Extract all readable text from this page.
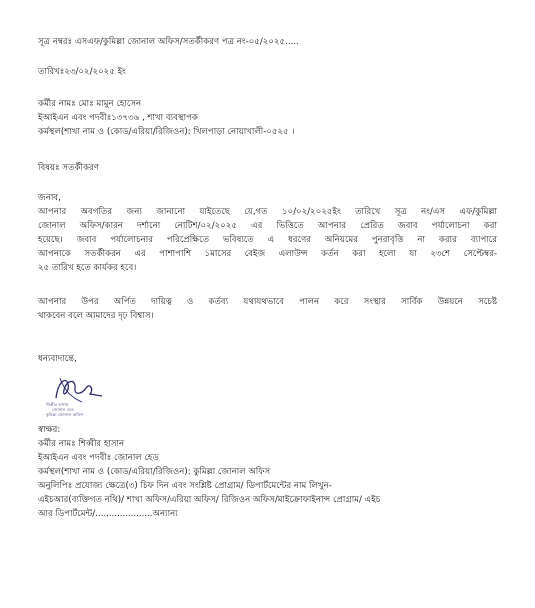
সূত্র নম্বরঃ এসএফ/কুমিল্লা জোনাল অফিস/সতর্কীকরণ পত্র নং-০৫/২০২৫.....
তারিখঃ২৩/০২/২০২৫ ইং
কর্মীর নামঃ মোঃ মামুন হোসেন
ইআইএন এবং পদবীঃ১৩৭৩৬ , শাখা ব্যবস্থাপক
কর্মস্থল(শাখা নাম ও (কোড/এরিয়া/রিজিওন): খিলপাড়া নোয়াখালী-০৫২৫ ।
বিষয়ঃ সতর্কীকরণ
জনাব,
আপনার অবগতির জন্য জানানো যাইতেছে যে,গত ১০/০২/২০২৫ইং তারিখে সূত্র নং/এস এফ/কুমিল্লা
জোনাল অফিস/কারন দর্শানো নোটিশ/০২/২০২৫ এর ভিত্তিতে আপনার প্রেরিত জবাব পর্যালোচনা করা
হয়েছে। জবাব পর্যালোচনার পরিপ্রেক্ষিতে ভবিষ্যতে এ ধরণের অনিয়মের পুনরাবৃত্তি না করার ব্যাপারে
আপনাকে সতর্কীকরন এর পাশাপাশি ১মাসের বেইজ এলাউন্স কর্তন করা হলো যা ২৩শে সেপ্টেম্বর-
২৫ তারিখ হতে কার্যকর হবে।
আপনার উপর অর্পিত দায়িত্ব ও কর্তব্য যথাযথভাবে পালন করে সংস্থার সার্বিক উন্নয়নে সচেষ্ট
থাকবেন বলে আমাদের দৃঢ় বিশ্বাস।
ধন্যবাদান্তে,
শিব্বীর হাসান
জোনাল হেড
কুমিল্লা জোনাল অফিস
স্বাক্ষর:
কর্মীর নামঃ শিব্বীর হাসান
ইআইএন এবং পদবীঃ জোনাল হেড
কর্মস্থল(শাখা নাম ও (কোড/এরিয়া/রিজিওন): কুমিল্লা জোনাল অফিস
অনুলিপিঃ প্রযোজ্য ক্ষেত্রে(৩) চিফ দিন এবং সংশ্লিষ্ট প্রোগ্রাম/ ডিপার্টমেন্টের নাম লিখুন-
এইচআর(ব্যক্তিগত নথি)/ শাখা অফিস/এরিয়া অফিস/ রিজিওন অফিস/মাইক্রোফাইনান্স প্রোগ্রাম/ এইচ
আর ডিপার্টমেন্ট/.....................অন্যান্য
